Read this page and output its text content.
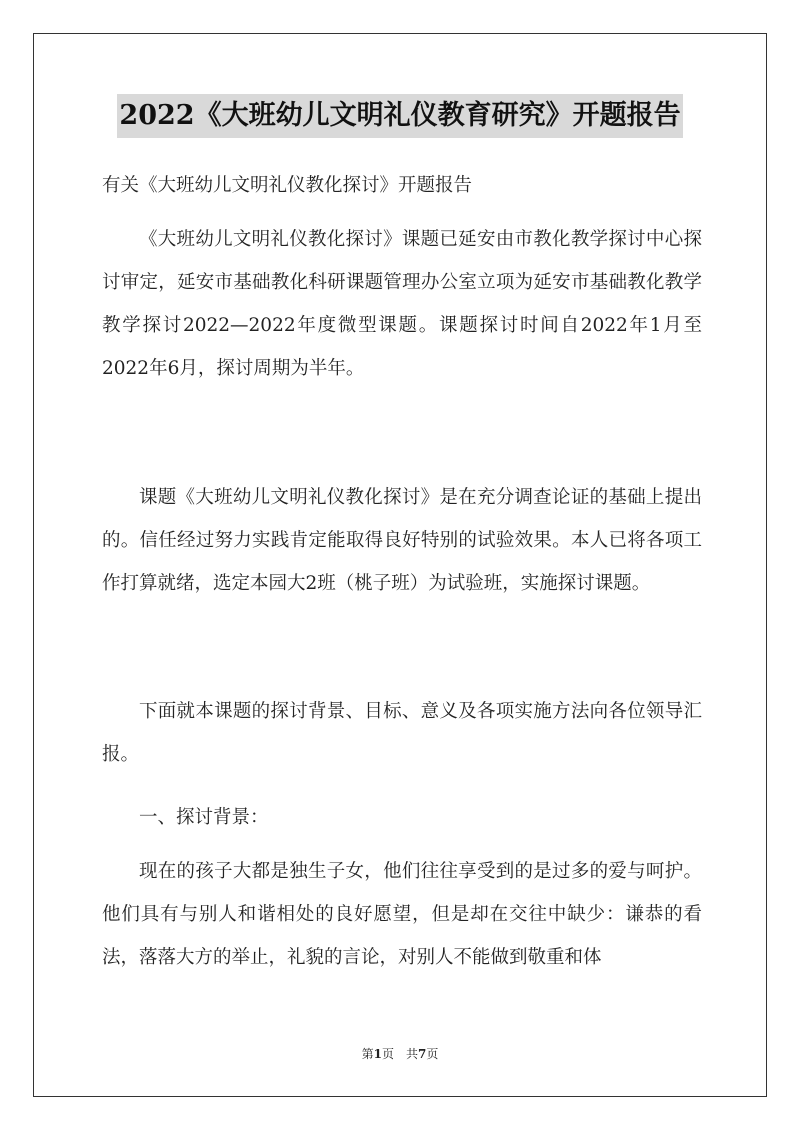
2022《大班幼儿文明礼仪教育研究》开题报告

有关《大班幼儿文明礼仪教化探讨》开题报告

《大班幼儿文明礼仪教化探讨》课题已延安由市教化教学探讨中心探讨审定，延安市基础教化科研课题管理办公室立项为延安市基础教化教学教学探讨2022—2022年度微型课题。课题探讨时间自2022年1月至2022年6月，探讨周期为半年。

课题《大班幼儿文明礼仪教化探讨》是在充分调查论证的基础上提出的。信任经过努力实践肯定能取得良好特别的试验效果。本人已将各项工作打算就绪，选定本园大2班（桃子班）为试验班，实施探讨课题。

下面就本课题的探讨背景、目标、意义及各项实施方法向各位领导汇报。

一、探讨背景：

现在的孩子大都是独生子女，他们往往享受到的是过多的爱与呵护。他们具有与别人和谐相处的良好愿望，但是却在交往中缺少：谦恭的看法，落落大方的举止，礼貌的言论，对别人不能做到敬重和体

第1页　共7页
